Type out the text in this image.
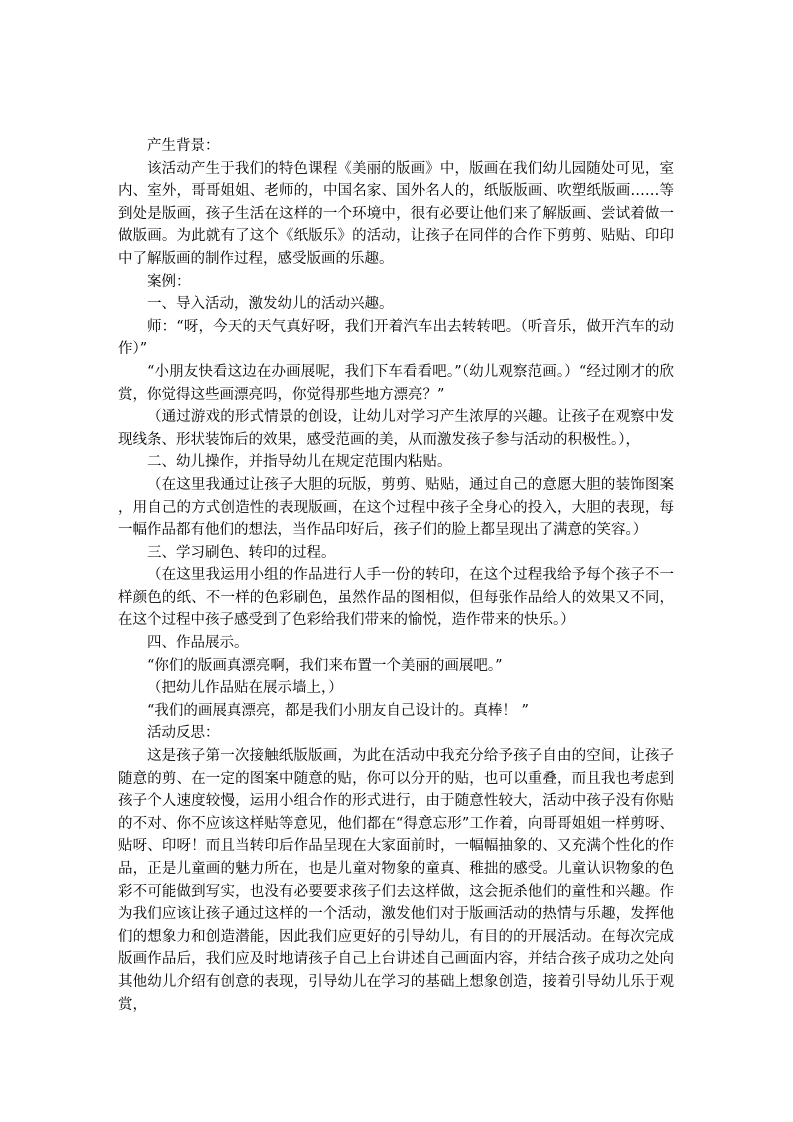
产生背景：

该活动产生于我们的特色课程《美丽的版画》中，版画在我们幼儿园随处可见，室内、室外，哥哥姐姐、老师的，中国名家、国外名人的，纸版版画、吹塑纸版画……等到处是版画，孩子生活在这样的一个环境中，很有必要让他们来了解版画、尝试着做一做版画。为此就有了这个《纸版乐》的活动，让孩子在同伴的合作下剪剪、贴贴、印印中了解版画的制作过程，感受版画的乐趣。

案例：

一、导入活动，激发幼儿的活动兴趣。

师：“呀，今天的天气真好呀，我们开着汽车出去转转吧。（听音乐，做开汽车的动作）”

“小朋友快看这边在办画展呢，我们下车看看吧。”（幼儿观察范画。）“经过刚才的欣赏，你觉得这些画漂亮吗，你觉得那些地方漂亮？”

（通过游戏的形式情景的创设，让幼儿对学习产生浓厚的兴趣。让孩子在观察中发现线条、形状装饰后的效果，感受范画的美，从而激发孩子参与活动的积极性。），

二、幼儿操作，并指导幼儿在规定范围内粘贴。

（在这里我通过让孩子大胆的玩版，剪剪、贴贴，通过自己的意愿大胆的装饰图案，用自己的方式创造性的表现版画，在这个过程中孩子全身心的投入，大胆的表现，每一幅作品都有他们的想法，当作品印好后，孩子们的脸上都呈现出了满意的笑容。）

三、学习刷色、转印的过程。

（在这里我运用小组的作品进行人手一份的转印，在这个过程我给予每个孩子不一样颜色的纸、不一样的色彩刷色，虽然作品的图相似，但每张作品给人的效果又不同，在这个过程中孩子感受到了色彩给我们带来的愉悦，造作带来的快乐。）

四、作品展示。

“你们的版画真漂亮啊，我们来布置一个美丽的画展吧。”

（把幼儿作品贴在展示墙上，）

“我们的画展真漂亮，都是我们小朋友自己设计的。真棒！ ”

活动反思：

这是孩子第一次接触纸版版画，为此在活动中我充分给予孩子自由的空间，让孩子随意的剪、在一定的图案中随意的贴，你可以分开的贴，也可以重叠，而且我也考虑到孩子个人速度较慢，运用小组合作的形式进行，由于随意性较大，活动中孩子没有你贴的不对、你不应该这样贴等意见，他们都在“得意忘形”工作着，向哥哥姐姐一样剪呀、贴呀、印呀！而且当转印后作品呈现在大家面前时，一幅幅抽象的、又充满个性化的作品，正是儿童画的魅力所在，也是儿童对物象的童真、稚拙的感受。儿童认识物象的色彩不可能做到写实，也没有必要要求孩子们去这样做，这会扼杀他们的童性和兴趣。作为我们应该让孩子通过这样的一个活动，激发他们对于版画活动的热情与乐趣，发挥他们的想象力和创造潜能，因此我们应更好的引导幼儿，有目的的开展活动。在每次完成版画作品后，我们应及时地请孩子自己上台讲述自己画面内容，并结合孩子成功之处向其他幼儿介绍有创意的表现，引导幼儿在学习的基础上想象创造，接着引导幼儿乐于观赏，
